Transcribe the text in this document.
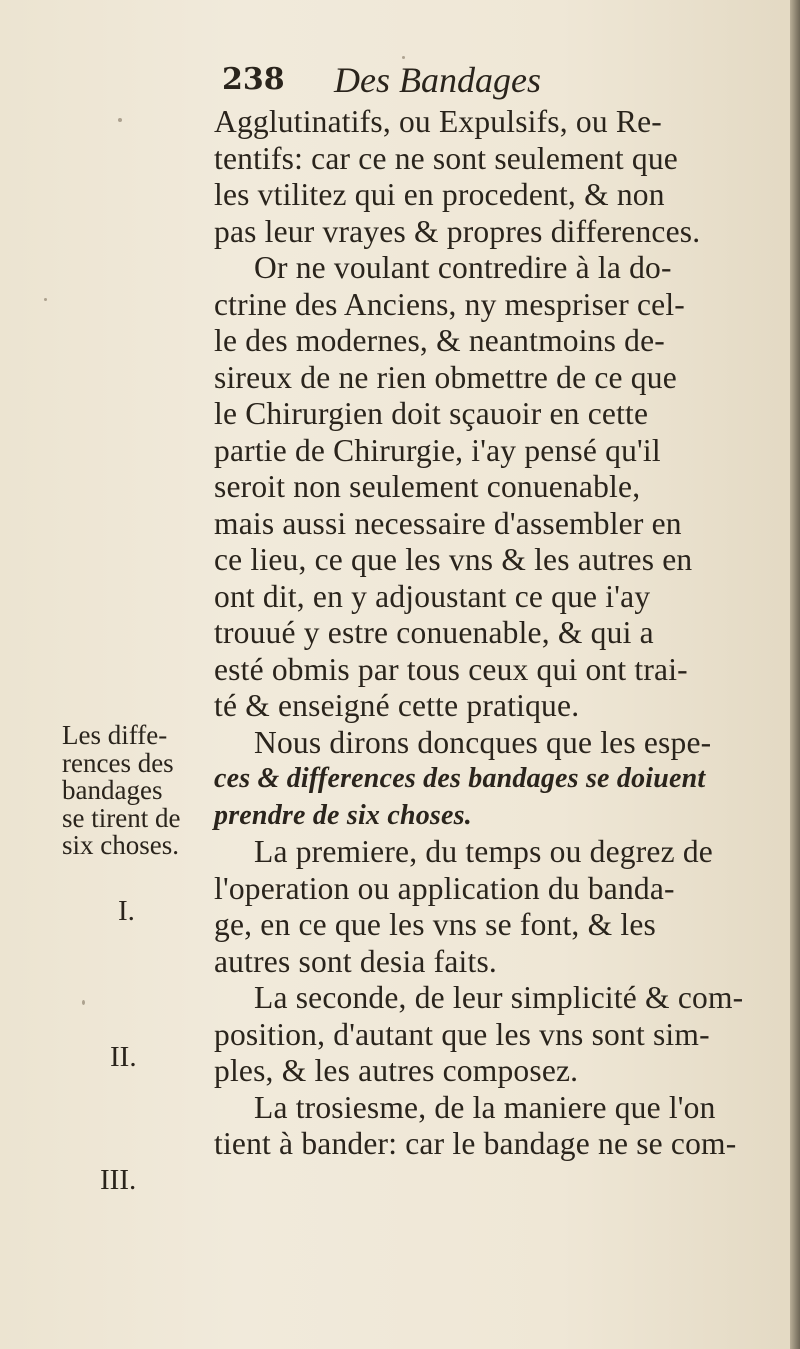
238 Des Bandages
Agglutinatifs, ou Expulsifs, ou Re-
tentifs: car ce ne sont seulement que
les vtilitez qui en procedent, & non
pas leur vrayes & propres differences.
Or ne voulant contredire à la do-
ctrine des Anciens, ny mespriser cel-
le des modernes, & neantmoins de-
sireux de ne rien obmettre de ce que
le Chirurgien doit sçauoir en cette
partie de Chirurgie, i'ay pensé qu'il
seroit non seulement conuenable,
mais aussi necessaire d'assembler en
ce lieu, ce que les vns & les autres en
ont dit, en y adjoustant ce que i'ay
trouué y estre conuenable, & qui a
esté obmis par tous ceux qui ont trai-
té & enseigné cette pratique.
Nous dirons doncques que les espe-
ces & differences des bandages se doiuent
prendre de six choses.
La premiere, du temps ou degrez de
l'operation ou application du banda-
ge, en ce que les vns se font, & les
autres sont desia faits.
La seconde, de leur simplicité & com-
position, d'autant que les vns sont sim-
ples, & les autres composez.
La trosiesme, de la maniere que l'on
tient à bander: car le bandage ne se com-
Les diffe-
rences des
bandages
se tirent de
six choses.
I.
II.
III.
